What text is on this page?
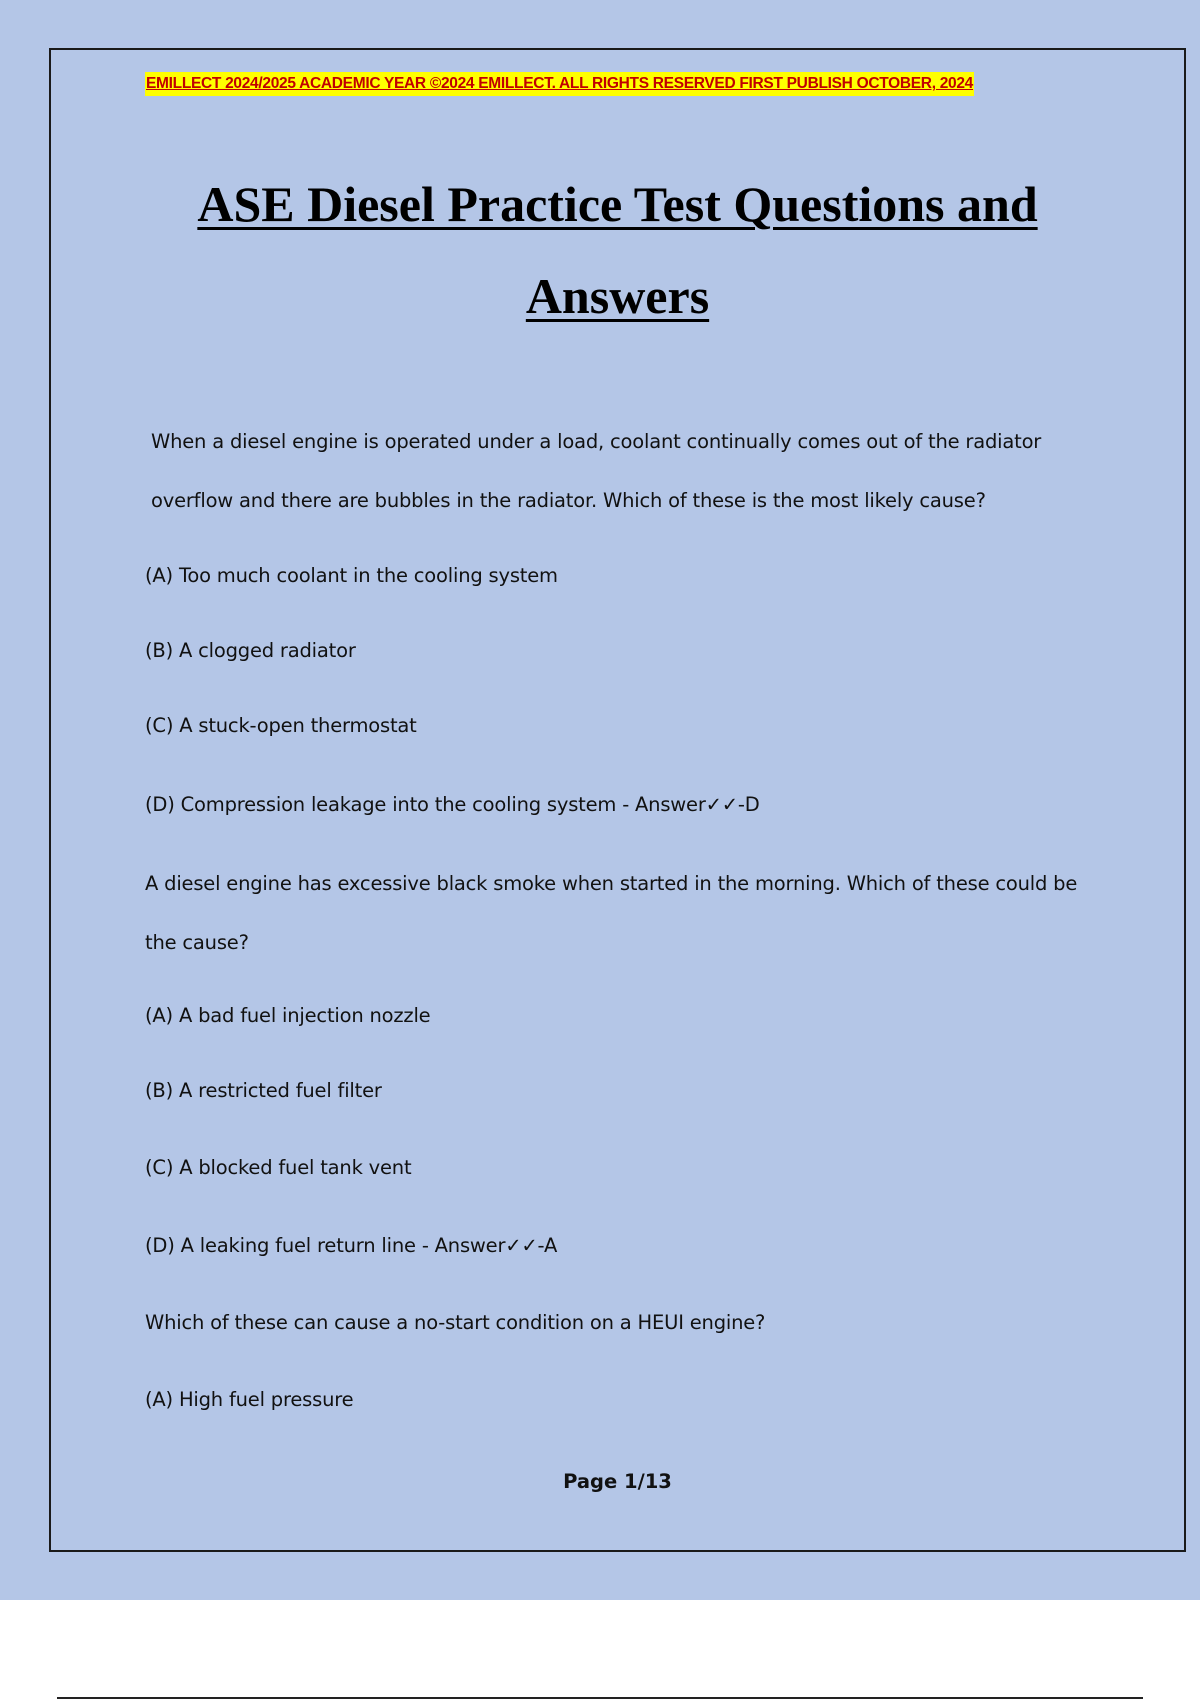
EMILLECT 2024/2025 ACADEMIC YEAR ©2024 EMILLECT. ALL RIGHTS RESERVED FIRST PUBLISH OCTOBER, 2024
ASE Diesel Practice Test Questions and
Answers
When a diesel engine is operated under a load, coolant continually comes out of the radiator overflow and there are bubbles in the radiator. Which of these is the most likely cause?
(A) Too much coolant in the cooling system
(B) A clogged radiator
(C) A stuck-open thermostat
(D) Compression leakage into the cooling system - Answer✓✓-D
A diesel engine has excessive black smoke when started in the morning. Which of these could be the cause?
(A) A bad fuel injection nozzle
(B) A restricted fuel filter
(C) A blocked fuel tank vent
(D) A leaking fuel return line - Answer✓✓-A
Which of these can cause a no-start condition on a HEUI engine?
(A) High fuel pressure
Page 1/13
